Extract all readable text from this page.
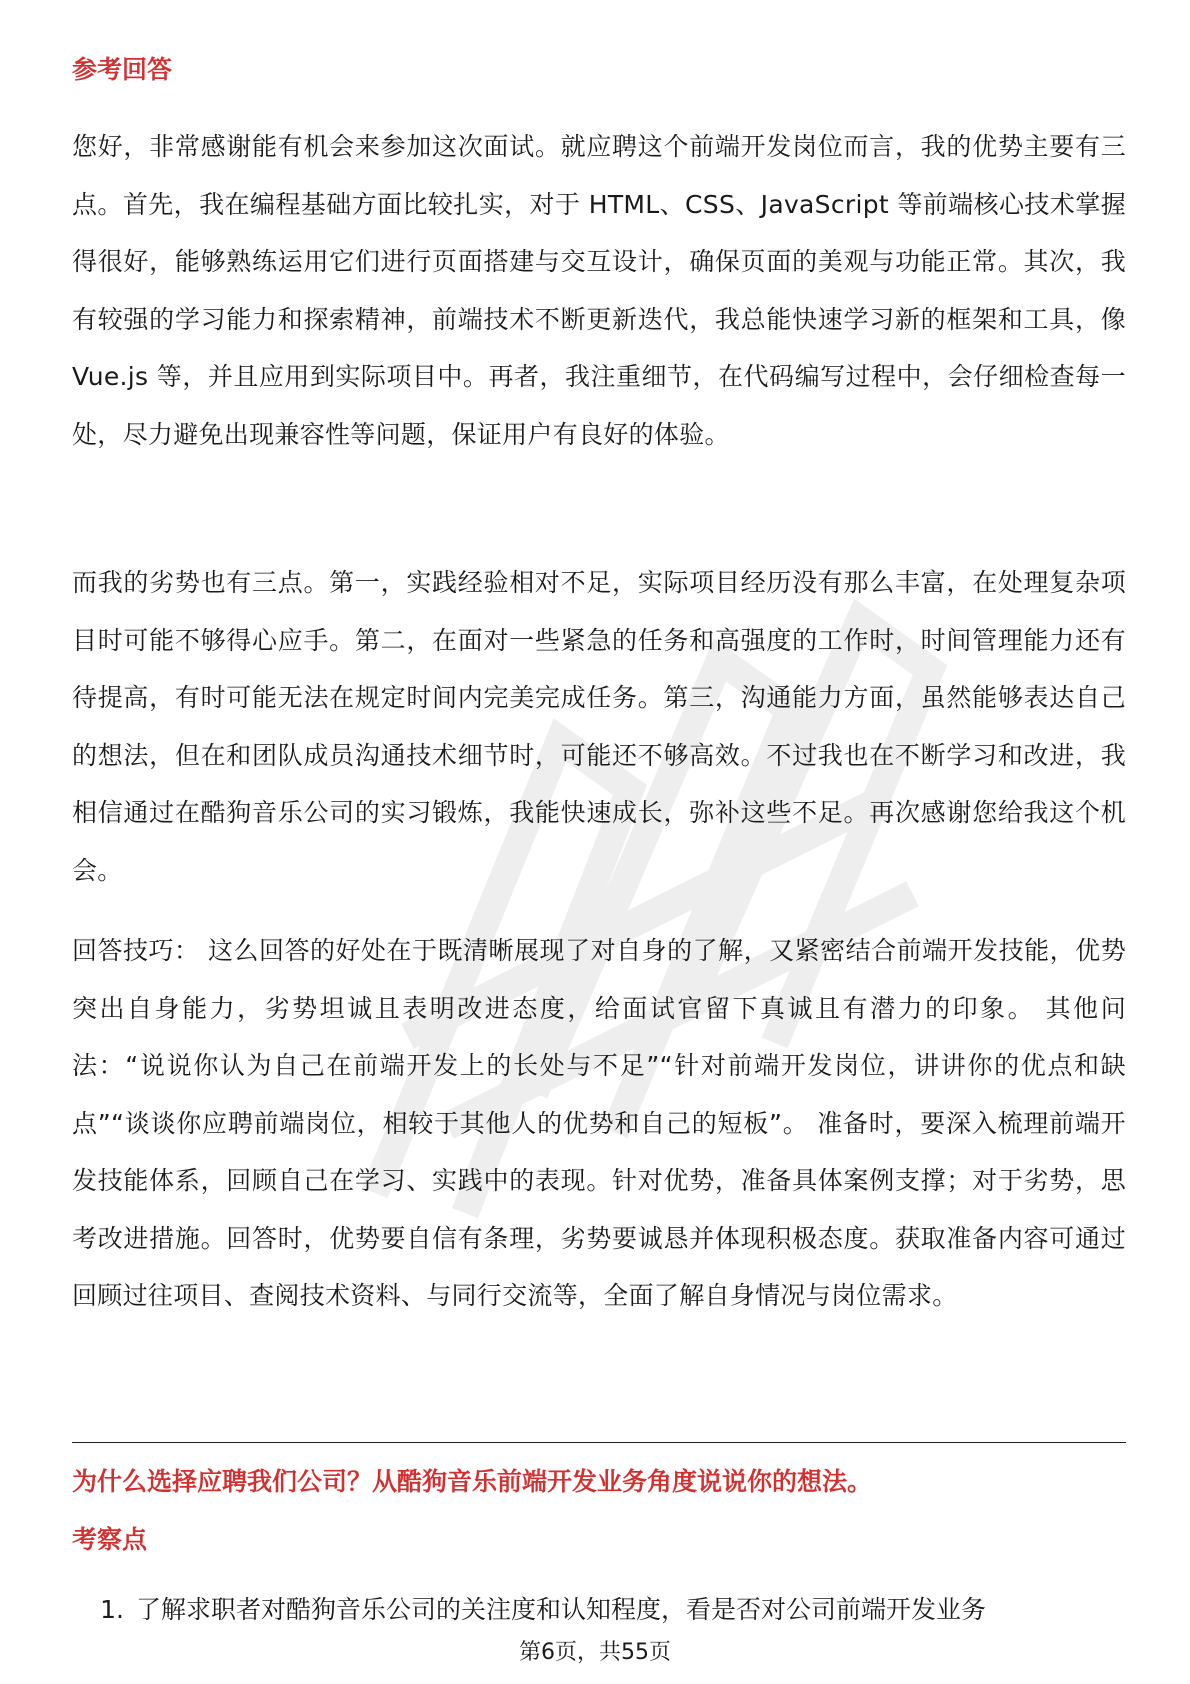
参考回答

您好，非常感谢能有机会来参加这次面试。就应聘这个前端开发岗位而言，我的优势主要有三点。首先，我在编程基础方面比较扎实，对于 HTML、CSS、JavaScript 等前端核心技术掌握得很好，能够熟练运用它们进行页面搭建与交互设计，确保页面的美观与功能正常。其次，我有较强的学习能力和探索精神，前端技术不断更新迭代，我总能快速学习新的框架和工具，像 Vue.js 等，并且应用到实际项目中。再者，我注重细节，在代码编写过程中，会仔细检查每一处，尽力避免出现兼容性等问题，保证用户有良好的体验。

而我的劣势也有三点。第一，实践经验相对不足，实际项目经历没有那么丰富，在处理复杂项目时可能不够得心应手。第二，在面对一些紧急的任务和高强度的工作时，时间管理能力还有待提高，有时可能无法在规定时间内完美完成任务。第三，沟通能力方面，虽然能够表达自己的想法，但在和团队成员沟通技术细节时，可能还不够高效。不过我也在不断学习和改进，我相信通过在酷狗音乐公司的实习锻炼，我能快速成长，弥补这些不足。再次感谢您给我这个机会。

回答技巧： 这么回答的好处在于既清晰展现了对自身的了解，又紧密结合前端开发技能，优势突出自身能力，劣势坦诚且表明改进态度，给面试官留下真诚且有潜力的印象。 其他问法：“说说你认为自己在前端开发上的长处与不足”“针对前端开发岗位，讲讲你的优点和缺点”“谈谈你应聘前端岗位，相较于其他人的优势和自己的短板”。 准备时，要深入梳理前端开发技能体系，回顾自己在学习、实践中的表现。针对优势，准备具体案例支撑；对于劣势，思考改进措施。回答时，优势要自信有条理，劣势要诚恳并体现积极态度。获取准备内容可通过回顾过往项目、查阅技术资料、与同行交流等，全面了解自身情况与岗位需求。

为什么选择应聘我们公司？从酷狗音乐前端开发业务角度说说你的想法。
考察点
1. 了解求职者对酷狗音乐公司的关注度和认知程度，看是否对公司前端开发业务
第6页，共55页
